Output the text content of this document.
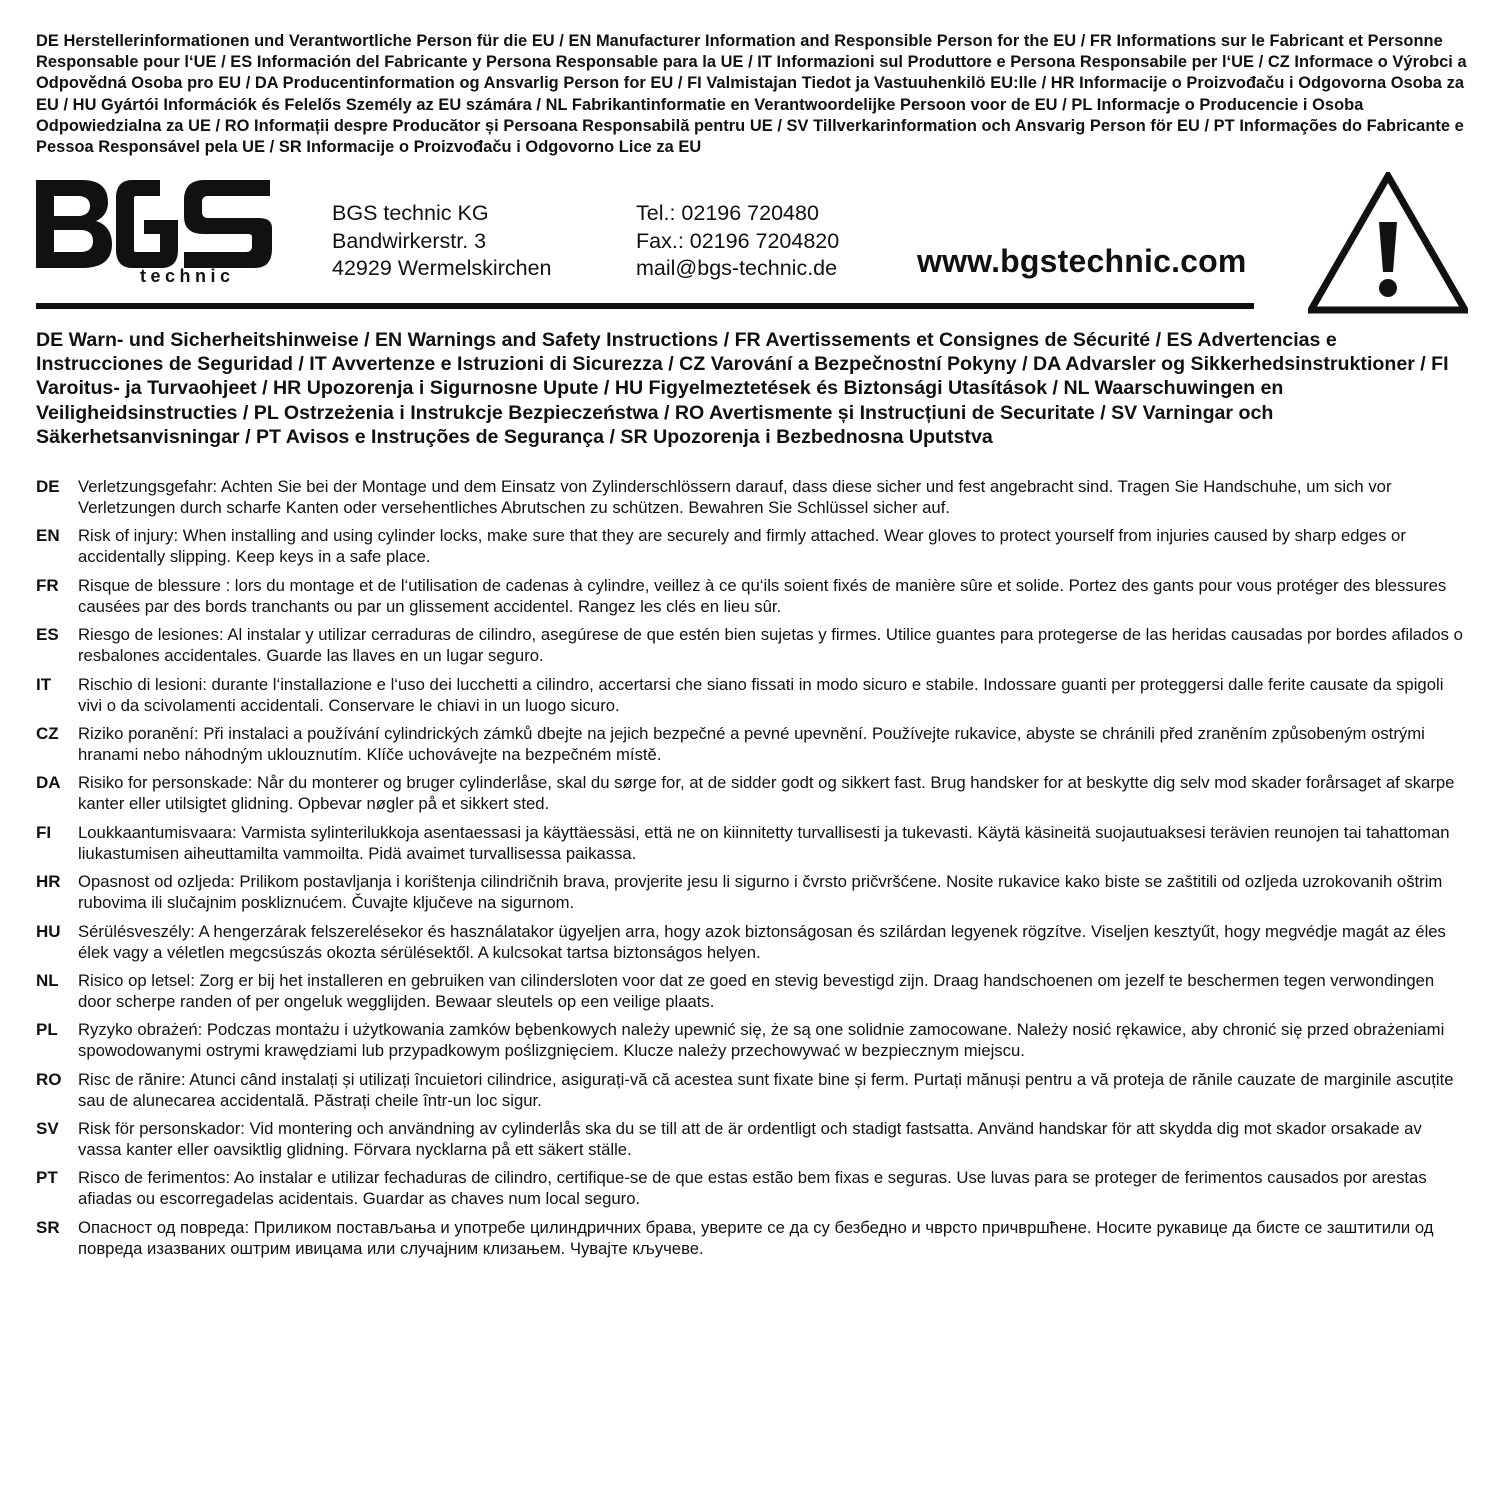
DE Herstellerinformationen und Verantwortliche Person für die EU / EN Manufacturer Information and Responsible Person for the EU / FR Informations sur le Fabricant et Personne Responsable pour l‘UE / ES Información del Fabricante y Persona Responsable para la UE / IT Informazioni sul Produttore e Persona Responsabile per l‘UE / CZ Informace o Výrobci a Odpovědná Osoba pro EU / DA Producentinformation og Ansvarlig Person for EU / FI Valmistajan Tiedot ja Vastuuhenkilö EU:lle / HR Informacije o Proizvođaču i Odgovorna Osoba za EU / HU Gyártói Információk és Felelős Személy az EU számára / NL Fabrikantinformatie en Verantwoordelijke Persoon voor de EU / PL Informacje o Producencie i Osoba Odpowiedzialna za UE / RO Informații despre Producător și Persoana Responsabilă pentru UE / SV Tillverkarinformation och Ansvarig Person för EU / PT Informações do Fabricante e Pessoa Responsável pela UE / SR Informacije o Proizvođaču i Odgovorno Lice za EU

technic
®
BGS technic KG
Bandwirkerstr. 3
42929 Wermelskirchen
Tel.: 02196 720480
Fax.: 02196 7204820
mail@bgs-technic.de www.bgstechnic.com

DE Warn- und Sicherheitshinweise / EN Warnings and Safety Instructions / FR Avertissements et Consignes de Sécurité / ES Advertencias e Instrucciones de Seguridad / IT Avvertenze e Istruzioni di Sicurezza / CZ Varování a Bezpečnostní Pokyny / DA Advarsler og Sikkerhedsinstruktioner / FI Varoitus- ja Turvaohjeet / HR Upozorenja i Sigurnosne Upute / HU Figyelmeztetések és Biztonsági Utasítások / NL Waarschuwingen en Veiligheidsinstructies / PL Ostrzeżenia i Instrukcje Bezpieczeństwa / RO Avertismente și Instrucțiuni de Securitate / SV Varningar och Säkerhetsanvisningar / PT Avisos e Instruções de Segurança / SR Upozorenja i Bezbednosna Uputstva

DE	Verletzungsgefahr: Achten Sie bei der Montage und dem Einsatz von Zylinderschlössern darauf, dass diese sicher und fest angebracht sind. Tragen Sie Handschuhe, um sich vor Verletzungen durch scharfe Kanten oder versehentliches Abrutschen zu schützen. Bewahren Sie Schlüssel sicher auf.
EN	Risk of injury: When installing and using cylinder locks, make sure that they are securely and firmly attached. Wear gloves to protect yourself from injuries caused by sharp edges or accidentally slipping. Keep keys in a safe place.
FR	Risque de blessure : lors du montage et de l‘utilisation de cadenas à cylindre, veillez à ce qu‘ils soient fixés de manière sûre et solide. Portez des gants pour vous protéger des blessures causées par des bords tranchants ou par un glissement accidentel. Rangez les clés en lieu sûr.
ES	Riesgo de lesiones: Al instalar y utilizar cerraduras de cilindro, asegúrese de que estén bien sujetas y firmes. Utilice guantes para protegerse de las heridas causadas por bordes afilados o resbalones accidentales. Guarde las llaves en un lugar seguro.
IT	Rischio di lesioni: durante l‘installazione e l‘uso dei lucchetti a cilindro, accertarsi che siano fissati in modo sicuro e stabile. Indossare guanti per proteggersi dalle ferite causate da spigoli vivi o da scivolamenti accidentali. Conservare le chiavi in un luogo sicuro.
CZ	Riziko poranění: Při instalaci a používání cylindrických zámků dbejte na jejich bezpečné a pevné upevnění. Používejte rukavice, abyste se chránili před zraněním způsobeným ostrými hranami nebo náhodným uklouznutím. Klíče uchovávejte na bezpečném místě.
DA	Risiko for personskade: Når du monterer og bruger cylinderlåse, skal du sørge for, at de sidder godt og sikkert fast. Brug handsker for at beskytte dig selv mod skader forårsaget af skarpe kanter eller utilsigtet glidning. Opbevar nøgler på et sikkert sted.
FI	Loukkaantumisvaara: Varmista sylinterilukkoja asentaessasi ja käyttäessäsi, että ne on kiinnitetty turvallisesti ja tukevasti. Käytä käsineitä suojautuaksesi terävien reunojen tai tahattoman liukastumisen aiheuttamilta vammoilta. Pidä avaimet turvallisessa paikassa.
HR	Opasnost od ozljeda: Prilikom postavljanja i korištenja cilindričnih brava, provjerite jesu li sigurno i čvrsto pričvršćene. Nosite rukavice kako biste se zaštitili od ozljeda uzrokovanih oštrim rubovima ili slučajnim poskliznućem. Čuvajte ključeve na sigurnom.
HU	Sérülésveszély: A hengerzárak felszerelésekor és használatakor ügyeljen arra, hogy azok biztonságosan és szilárdan legyenek rögzítve. Viseljen kesztyűt, hogy megvédje magát az éles élek vagy a véletlen megcsúszás okozta sérülésektől. A kulcsokat tartsa biztonságos helyen.
NL	Risico op letsel: Zorg er bij het installeren en gebruiken van cilindersloten voor dat ze goed en stevig bevestigd zijn. Draag handschoenen om jezelf te beschermen tegen verwondingen door scherpe randen of per ongeluk wegglijden. Bewaar sleutels op een veilige plaats.
PL	Ryzyko obrażeń: Podczas montażu i użytkowania zamków bębenkowych należy upewnić się, że są one solidnie zamocowane. Należy nosić rękawice, aby chronić się przed obrażeniami spowodowanymi ostrymi krawędziami lub przypadkowym poślizgnięciem. Klucze należy przechowywać w bezpiecznym miejscu.
RO Risc de rănire: Atunci când instalați și utilizați încuietori cilindrice, asigurați-vă că acestea sunt fixate bine și ferm. Purtați mănuși pentru a vă proteja de rănile cauzate de marginile ascuțite sau de alunecarea accidentală. Păstrați cheile într-un loc sigur.
SV	Risk för personskador: Vid montering och användning av cylinderlås ska du se till att de är ordentligt och stadigt fastsatta. Använd handskar för att skydda dig mot skador orsakade av vassa kanter eller oavsiktlig glidning. Förvara nycklarna på ett säkert ställe.
PT	Risco de ferimentos: Ao instalar e utilizar fechaduras de cilindro, certifique-se de que estas estão bem fixas e seguras. Use luvas para se proteger de ferimentos causados por arestas afiadas ou escorregadelas acidentais. Guardar as chaves num local seguro.
SR	Опасност од повреда: Приликом постављања и употребе цилиндричних брава, уверите се да су безбедно и чврсто причвршћене. Носите рукавице да бисте се заштитили од повреда изазваних оштрим ивицама или случајним клизањем. Чувајте кључеве.
